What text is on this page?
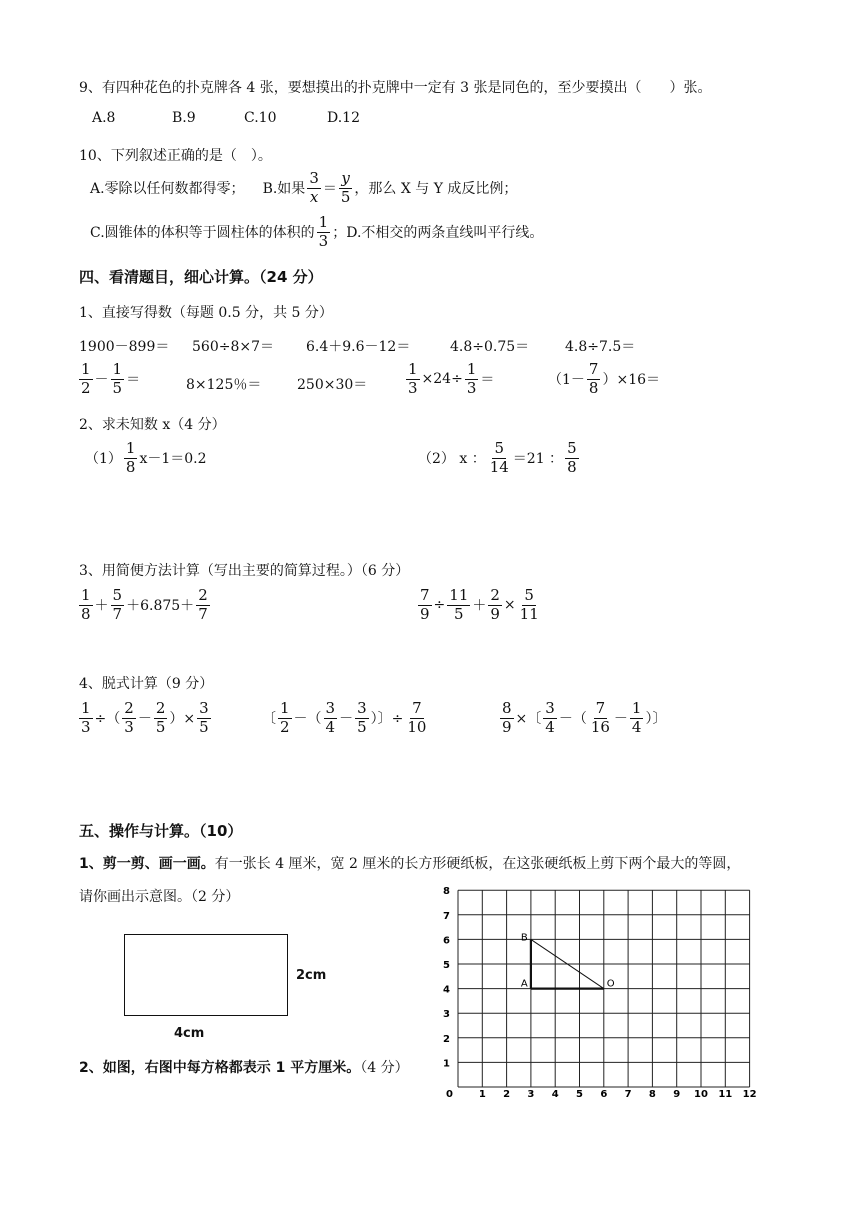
9、有四种花色的扑克牌各 4 张，要想摸出的扑克牌中一定有 3 张是同色的，至少要摸出（　　）张。
A.8	B.9	C.10	D.12
10、下列叙述正确的是（　）。
A.零除以任何数都得零； B.如果 $\frac{3}{x} = \frac{y}{5}$ ，那么 X 与 Y 成反比例；
C.圆锥体的体积等于圆柱体的体积的 $\frac{1}{3}$ ；D.不相交的两条直线叫平行线。
四、看清题目，细心计算。（24 分）
1、直接写得数（每题 0.5 分，共 5 分）
1900－899＝ 560÷8×7＝ 6.4＋9.6－12＝	4.8÷0.75＝	4.8÷7.5＝
$\frac{1}{2} - \frac{1}{5}$ ＝	8×125％＝	250×30＝	$\frac{1}{3} \times 24\div \frac{1}{3}$ ＝	$(1- \frac{7}{8} )\times 16=$
2、求未知数 x（4 分）
$(1) \frac{1}{8} x-1=0.2$	（2） x ： $\frac{5}{14} =21$ ： $\frac{5}{8}$
3、用简便方法计算（写出主要的简算过程。）（6 分）
$\frac{1}{8} + \frac{5}{7} +6.875+ \frac{2}{7}$	$\frac{7}{9} \div \frac{11}{5} + \frac{2}{9} \times \frac{5}{11}$
4、脱式计算（9 分）
$\frac{1}{3}$ ÷（ $\frac{2}{3} - \frac{2}{5}$ ）× $\frac{3}{5}$	〔 $\frac{1}{2}$ －（ $\frac{3}{4} - \frac{3}{5}$ ）〕÷ $\frac{7}{10}$	$\frac{8}{9}$ ×〔 $\frac{3}{4}$ －（ $\frac{7}{16} - \frac{1}{4}$ ）〕
五、操作与计算。（10）
1、剪一剪、画一画。有一张长 4 厘米，宽 2 厘米的长方形硬纸板，在这张硬纸板上剪下两个最大的等圆，
请你画出示意图。（2 分）
2cm
4cm
2、如图，右图中每方格都表示 1 平方厘米。（4 分）
0	1 2 3 4 5 6 7 8 9 10 11 12
1
2
3
4
5
6
7
8
A
B
O
